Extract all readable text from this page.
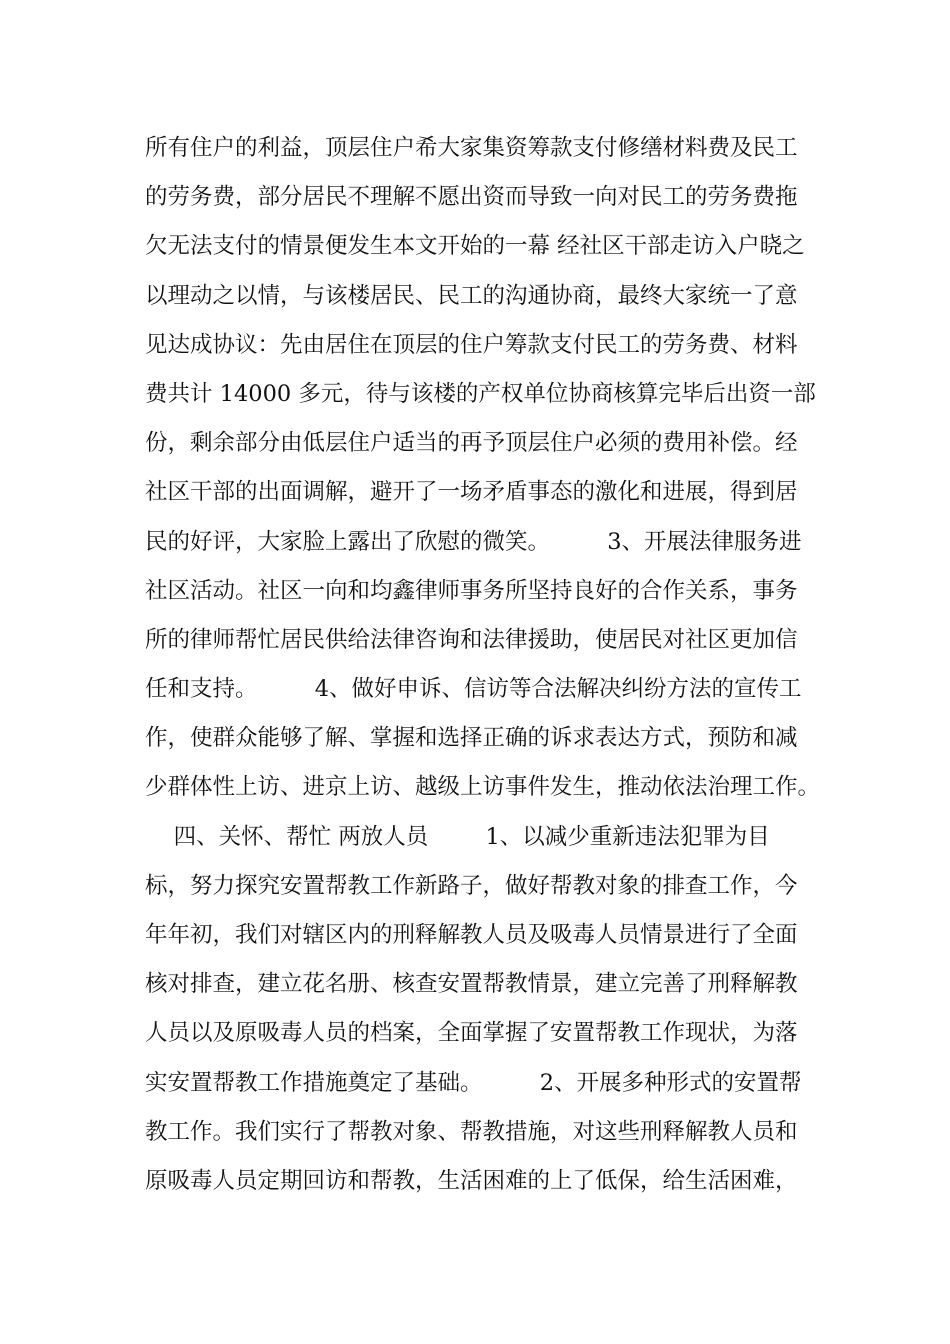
所有住户的利益，顶层住户希大家集资筹款支付修缮材料费及民工
的劳务费，部分居民不理解不愿出资而导致一向对民工的劳务费拖
欠无法支付的情景便发生本文开始的一幕 经社区干部走访入户晓之
以理动之以情，与该楼居民、民工的沟通协商，最终大家统一了意
见达成协议：先由居住在顶层的住户筹款支付民工的劳务费、材料
费共计 14000 多元，待与该楼的产权单位协商核算完毕后出资一部
份，剩余部分由低层住户适当的再予顶层住户必须的费用补偿。经
社区干部的出面调解，避开了一场矛盾事态的激化和进展，得到居
民的好评，大家脸上露出了欣慰的微笑。        3、开展法律服务进
社区活动。社区一向和均鑫律师事务所坚持良好的合作关系，事务
所的律师帮忙居民供给法律咨询和法律援助，使居民对社区更加信
任和支持。        4、做好申诉、信访等合法解决纠纷方法的宣传工
作，使群众能够了解、掌握和选择正确的诉求表达方式，预防和减
少群体性上访、进京上访、越级上访事件发生，推动依法治理工作。
四、关怀、帮忙 两放人员        1、以减少重新违法犯罪为目
标，努力探究安置帮教工作新路子，做好帮教对象的排查工作，今
年年初，我们对辖区内的刑释解教人员及吸毒人员情景进行了全面
核对排查，建立花名册、核查安置帮教情景，建立完善了刑释解教
人员以及原吸毒人员的档案，全面掌握了安置帮教工作现状，为落
实安置帮教工作措施奠定了基础。        2、开展多种形式的安置帮
教工作。我们实行了帮教对象、帮教措施，对这些刑释解教人员和
原吸毒人员定期回访和帮教，生活困难的上了低保，给生活困难，
